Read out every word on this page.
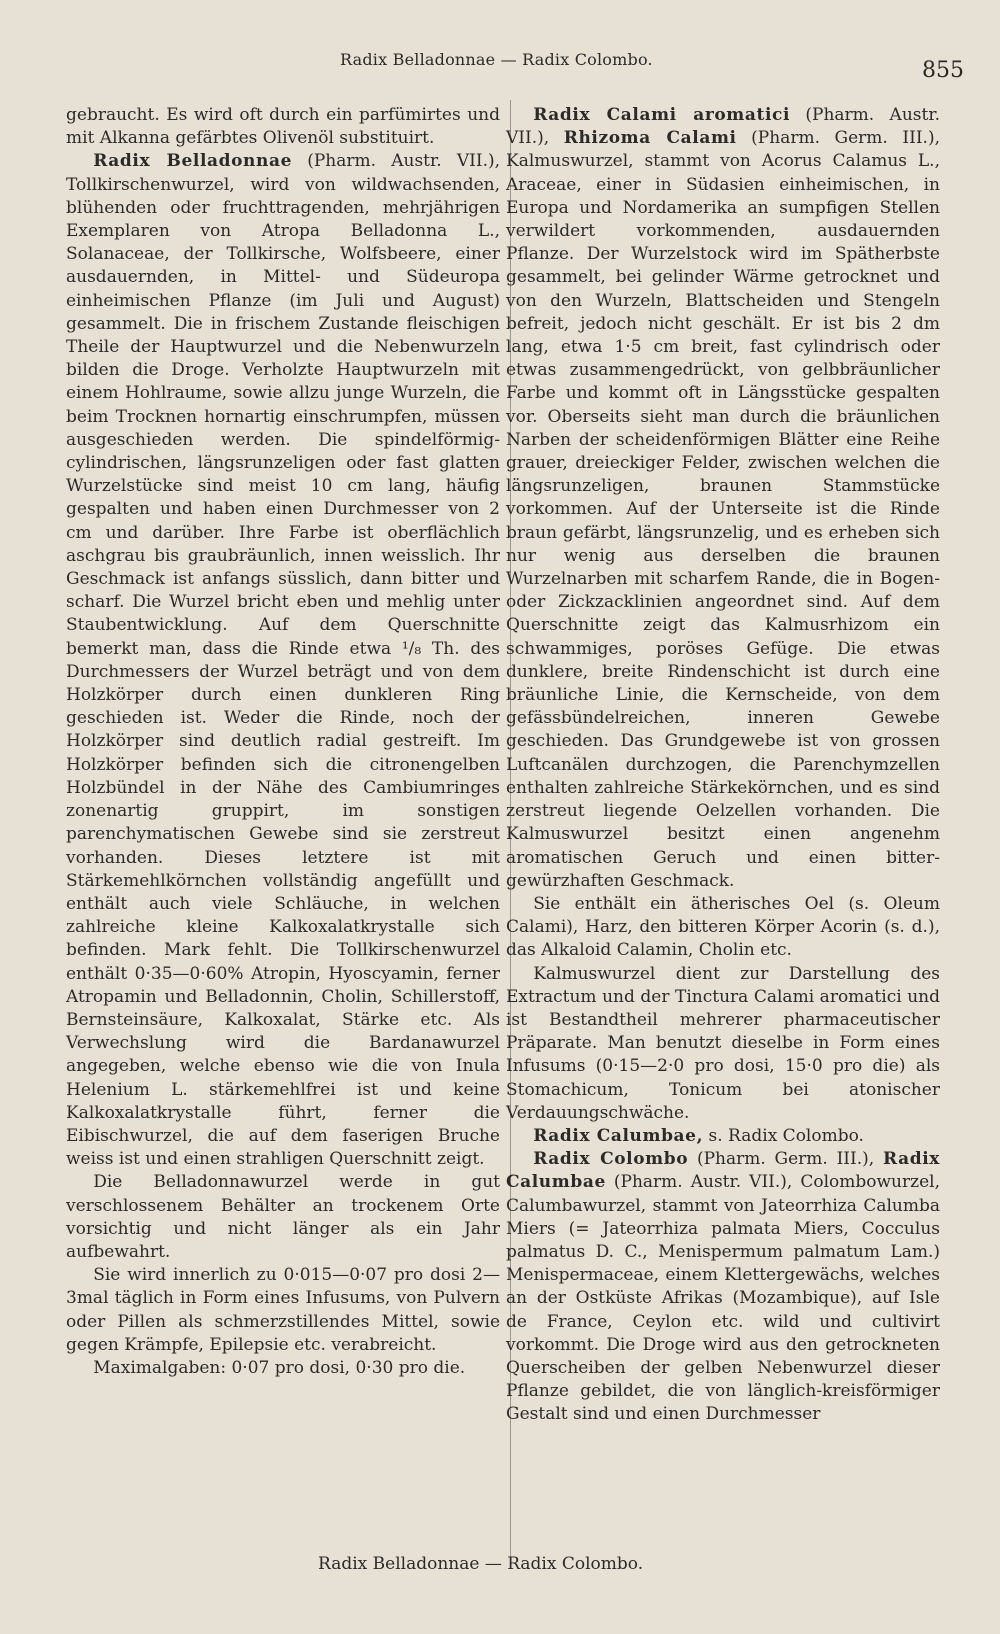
Radix Belladonnae — Radix Colombo.	855

gebraucht. Es wird oft durch ein parfümirtes und mit Alkanna gefärbtes Olivenöl substituirt.

Radix Belladonnae (Pharm. Austr. VII.), Tollkirschenwurzel, wird von wildwachsenden, blühenden oder fruchttragenden, mehrjährigen Exemplaren von Atropa Belladonna L., Solanaceae, der Tollkirsche, Wolfsbeere, einer ausdauernden, in Mittel- und Südeuropa einheimischen Pflanze (im Juli und August) gesammelt. Die in frischem Zustande fleischigen Theile der Hauptwurzel und die Nebenwurzeln bilden die Droge. Verholzte Hauptwurzeln mit einem Hohlraume, sowie allzu junge Wurzeln, die beim Trocknen hornartig einschrumpfen, müssen ausgeschieden werden. Die spindelförmig-cylindrischen, längsrunzeligen oder fast glatten Wurzelstücke sind meist 10 cm lang, häufig gespalten und haben einen Durchmesser von 2 cm und darüber. Ihre Farbe ist oberflächlich aschgrau bis graubräunlich, innen weisslich. Ihr Geschmack ist anfangs süsslich, dann bitter und scharf. Die Wurzel bricht eben und mehlig unter Staubentwicklung. Auf dem Querschnitte bemerkt man, dass die Rinde etwa ¹/₈ Th. des Durchmessers der Wurzel beträgt und von dem Holzkörper durch einen dunkleren Ring geschieden ist. Weder die Rinde, noch der Holzkörper sind deutlich radial gestreift. Im Holzkörper befinden sich die citronengelben Holzbündel in der Nähe des Cambiumringes zonenartig gruppirt, im sonstigen parenchymatischen Gewebe sind sie zerstreut vorhanden. Dieses letztere ist mit Stärkemehlkörnchen vollständig angefüllt und enthält auch viele Schläuche, in welchen zahlreiche kleine Kalkoxalatkrystalle sich befinden. Mark fehlt. Die Tollkirschenwurzel enthält 0·35—0·60% Atropin, Hyoscyamin, ferner Atropamin und Belladonnin, Cholin, Schillerstoff, Bernsteinsäure, Kalkoxalat, Stärke etc. Als Verwechslung wird die Bardanawurzel angegeben, welche ebenso wie die von Inula Helenium L. stärkemehlfrei ist und keine Kalkoxalatkrystalle führt, ferner die Eibischwurzel, die auf dem faserigen Bruche weiss ist und einen strahligen Querschnitt zeigt.

Die Belladonnawurzel werde in gut verschlossenem Behälter an trockenem Orte vorsichtig und nicht länger als ein Jahr aufbewahrt.

Sie wird innerlich zu 0·015—0·07 pro dosi 2—3mal täglich in Form eines Infusums, von Pulvern oder Pillen als schmerzstillendes Mittel, sowie gegen Krämpfe, Epilepsie etc. verabreicht.

Maximalgaben: 0·07 pro dosi, 0·30 pro die.

Radix Calami aromatici (Pharm. Austr. VII.), Rhizoma Calami (Pharm. Germ. III.), Kalmuswurzel, stammt von Acorus Calamus L., Araceae, einer in Südasien einheimischen, in Europa und Nordamerika an sumpfigen Stellen verwildert vorkommenden, ausdauernden Pflanze. Der Wurzelstock wird im Spätherbste gesammelt, bei gelinder Wärme getrocknet und von den Wurzeln, Blattscheiden und Stengeln befreit, jedoch nicht geschält. Er ist bis 2 dm lang, etwa 1·5 cm breit, fast cylindrisch oder etwas zusammengedrückt, von gelbbräunlicher Farbe und kommt oft in Längsstücke gespalten vor. Oberseits sieht man durch die bräunlichen Narben der scheidenförmigen Blätter eine Reihe grauer, dreieckiger Felder, zwischen welchen die längsrunzeligen, braunen Stammstücke vorkommen. Auf der Unterseite ist die Rinde braun gefärbt, längsrunzelig, und es erheben sich nur wenig aus derselben die braunen Wurzelnarben mit scharfem Rande, die in Bogen- oder Zickzacklinien angeordnet sind. Auf dem Querschnitte zeigt das Kalmusrhizom ein schwammiges, poröses Gefüge. Die etwas dunklere, breite Rindenschicht ist durch eine bräunliche Linie, die Kernscheide, von dem gefässbündelreichen, inneren Gewebe geschieden. Das Grundgewebe ist von grossen Luftcanälen durchzogen, die Parenchymzellen enthalten zahlreiche Stärkekörnchen, und es sind zerstreut liegende Oelzellen vorhanden. Die Kalmuswurzel besitzt einen angenehm aromatischen Geruch und einen bitter-gewürzhaften Geschmack.

Sie enthält ein ätherisches Oel (s. Oleum Calami), Harz, den bitteren Körper Acorin (s. d.), das Alkaloid Calamin, Cholin etc.

Kalmuswurzel dient zur Darstellung des Extractum und der Tinctura Calami aromatici und ist Bestandtheil mehrerer pharmaceutischer Präparate. Man benutzt dieselbe in Form eines Infusums (0·15—2·0 pro dosi, 15·0 pro die) als Stomachicum, Tonicum bei atonischer Verdauungschwäche.

Radix Calumbae, s. Radix Colombo.

Radix Colombo (Pharm. Germ. III.), Radix Calumbae (Pharm. Austr. VII.), Colombowurzel, Calumbawurzel, stammt von Jateorrhiza Calumba Miers (= Jateorrhiza palmata Miers, Cocculus palmatus D. C., Menispermum palmatum Lam.) Menispermaceae, einem Klettergewächs, welches an der Ostküste Afrikas (Mozambique), auf Isle de France, Ceylon etc. wild und cultivirt vorkommt. Die Droge wird aus den getrockneten Querscheiben der gelben Nebenwurzel dieser Pflanze gebildet, die von länglich-kreisförmiger Gestalt sind und einen Durchmesser

Radix Belladonnae — Radix Colombo.
